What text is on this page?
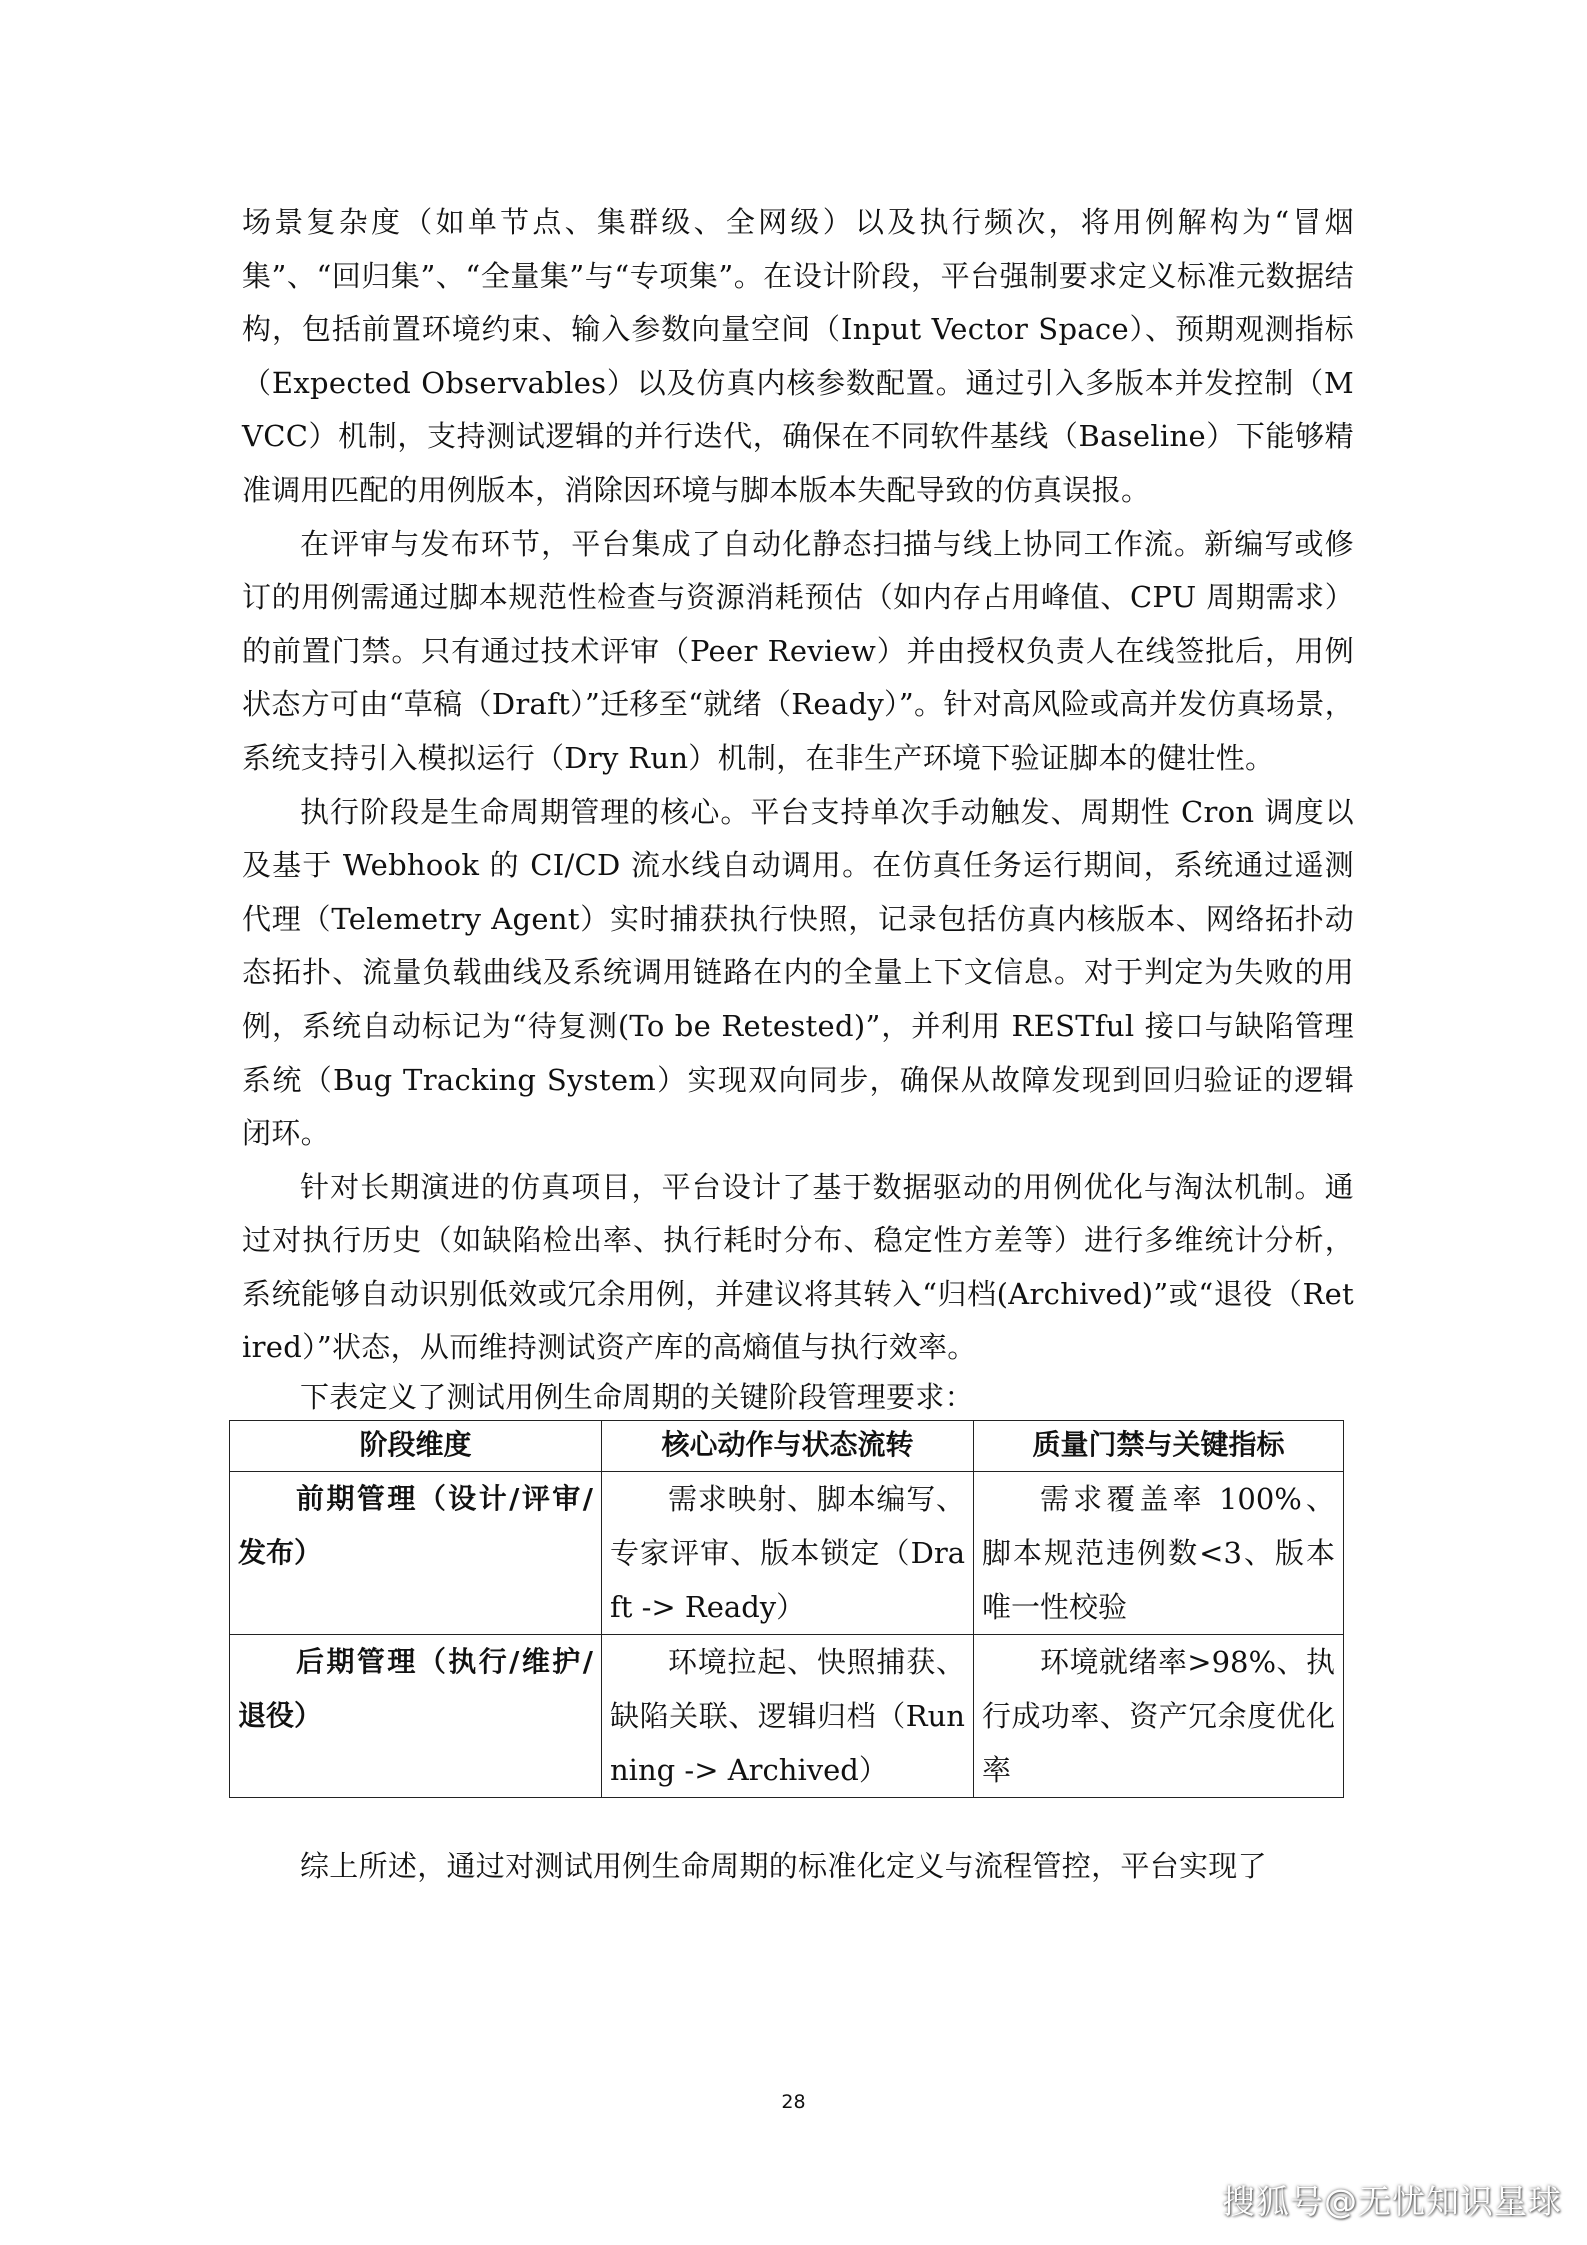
场景复杂度（如单节点、集群级、全网级）以及执行频次，将用例解构为“冒烟集”、“回归集”、“全量集”与“专项集”。在设计阶段，平台强制要求定义标准元数据结构，包括前置环境约束、输入参数向量空间（Input Vector Space）、预期观测指标（Expected Observables）以及仿真内核参数配置。通过引入多版本并发控制（MVCC）机制，支持测试逻辑的并行迭代，确保在不同软件基线（Baseline）下能够精准调用匹配的用例版本，消除因环境与脚本版本失配导致的仿真误报。

在评审与发布环节，平台集成了自动化静态扫描与线上协同工作流。新编写或修订的用例需通过脚本规范性检查与资源消耗预估（如内存占用峰值、CPU 周期需求）的前置门禁。只有通过技术评审（Peer Review）并由授权负责人在线签批后，用例状态方可由“草稿（Draft）”迁移至“就绪（Ready）”。针对高风险或高并发仿真场景，系统支持引入模拟运行（Dry Run）机制，在非生产环境下验证脚本的健壮性。

执行阶段是生命周期管理的核心。平台支持单次手动触发、周期性 Cron 调度以及基于 Webhook 的 CI/CD 流水线自动调用。在仿真任务运行期间，系统通过遥测代理（Telemetry Agent）实时捕获执行快照，记录包括仿真内核版本、网络拓扑动态拓扑、流量负载曲线及系统调用链路在内的全量上下文信息。对于判定为失败的用例，系统自动标记为“待复测(To be Retested)”，并利用 RESTful 接口与缺陷管理系统（Bug Tracking System）实现双向同步，确保从故障发现到回归验证的逻辑闭环。

针对长期演进的仿真项目，平台设计了基于数据驱动的用例优化与淘汰机制。通过对执行历史（如缺陷检出率、执行耗时分布、稳定性方差等）进行多维统计分析，系统能够自动识别低效或冗余用例，并建议将其转入“归档(Archived)”或“退役（Retired）”状态，从而维持测试资产库的高熵值与执行效率。

下表定义了测试用例生命周期的关键阶段管理要求：

阶段维度	核心动作与状态流转	质量门禁与关键指标

前期管理（设计/评审/发布）	需求映射、脚本编写、专家评审、版本锁定（Draft -> Ready）	需求覆盖率 100%、脚本规范违例数<3、版本唯一性校验

后期管理（执行/维护/退役）	环境拉起、快照捕获、缺陷关联、逻辑归档（Running -> Archived）	环境就绪率>98%、执行成功率、资产冗余度优化率

综上所述，通过对测试用例生命周期的标准化定义与流程管控，平台实现了

28
搜狐号@无忧知识星球
